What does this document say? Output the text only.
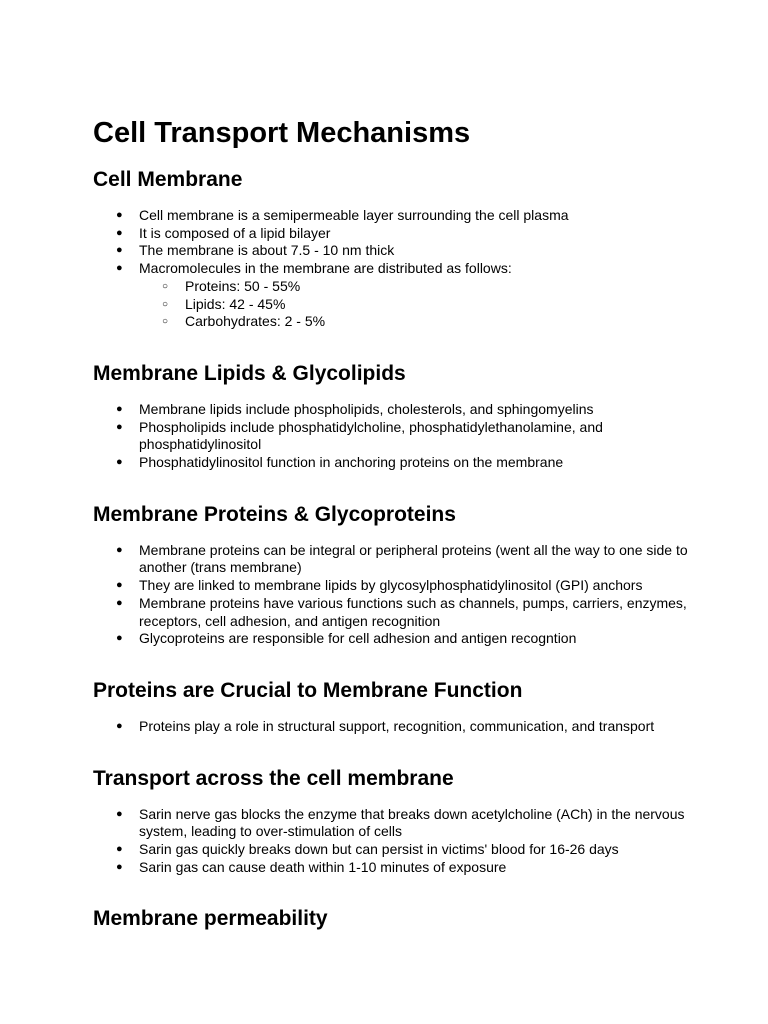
Cell Transport Mechanisms
Cell Membrane
● Cell membrane is a semipermeable layer surrounding the cell plasma
● It is composed of a lipid bilayer
● The membrane is about 7.5 - 10 nm thick
● Macromolecules in the membrane are distributed as follows:
○ Proteins: 50 - 55%
○ Lipids: 42 - 45%
○ Carbohydrates: 2 - 5%
Membrane Lipids & Glycolipids
● Membrane lipids include phospholipids, cholesterols, and sphingomyelins
● Phospholipids include phosphatidylcholine, phosphatidylethanolamine, and phosphatidylinositol
● Phosphatidylinositol function in anchoring proteins on the membrane
Membrane Proteins & Glycoproteins
● Membrane proteins can be integral or peripheral proteins (went all the way to one side to another (trans membrane)
● They are linked to membrane lipids by glycosylphosphatidylinositol (GPI) anchors
● Membrane proteins have various functions such as channels, pumps, carriers, enzymes, receptors, cell adhesion, and antigen recognition
● Glycoproteins are responsible for cell adhesion and antigen recogntion
Proteins are Crucial to Membrane Function
● Proteins play a role in structural support, recognition, communication, and transport
Transport across the cell membrane
● Sarin nerve gas blocks the enzyme that breaks down acetylcholine (ACh) in the nervous system, leading to over-stimulation of cells
● Sarin gas quickly breaks down but can persist in victims' blood for 16-26 days
● Sarin gas can cause death within 1-10 minutes of exposure
Membrane permeability
